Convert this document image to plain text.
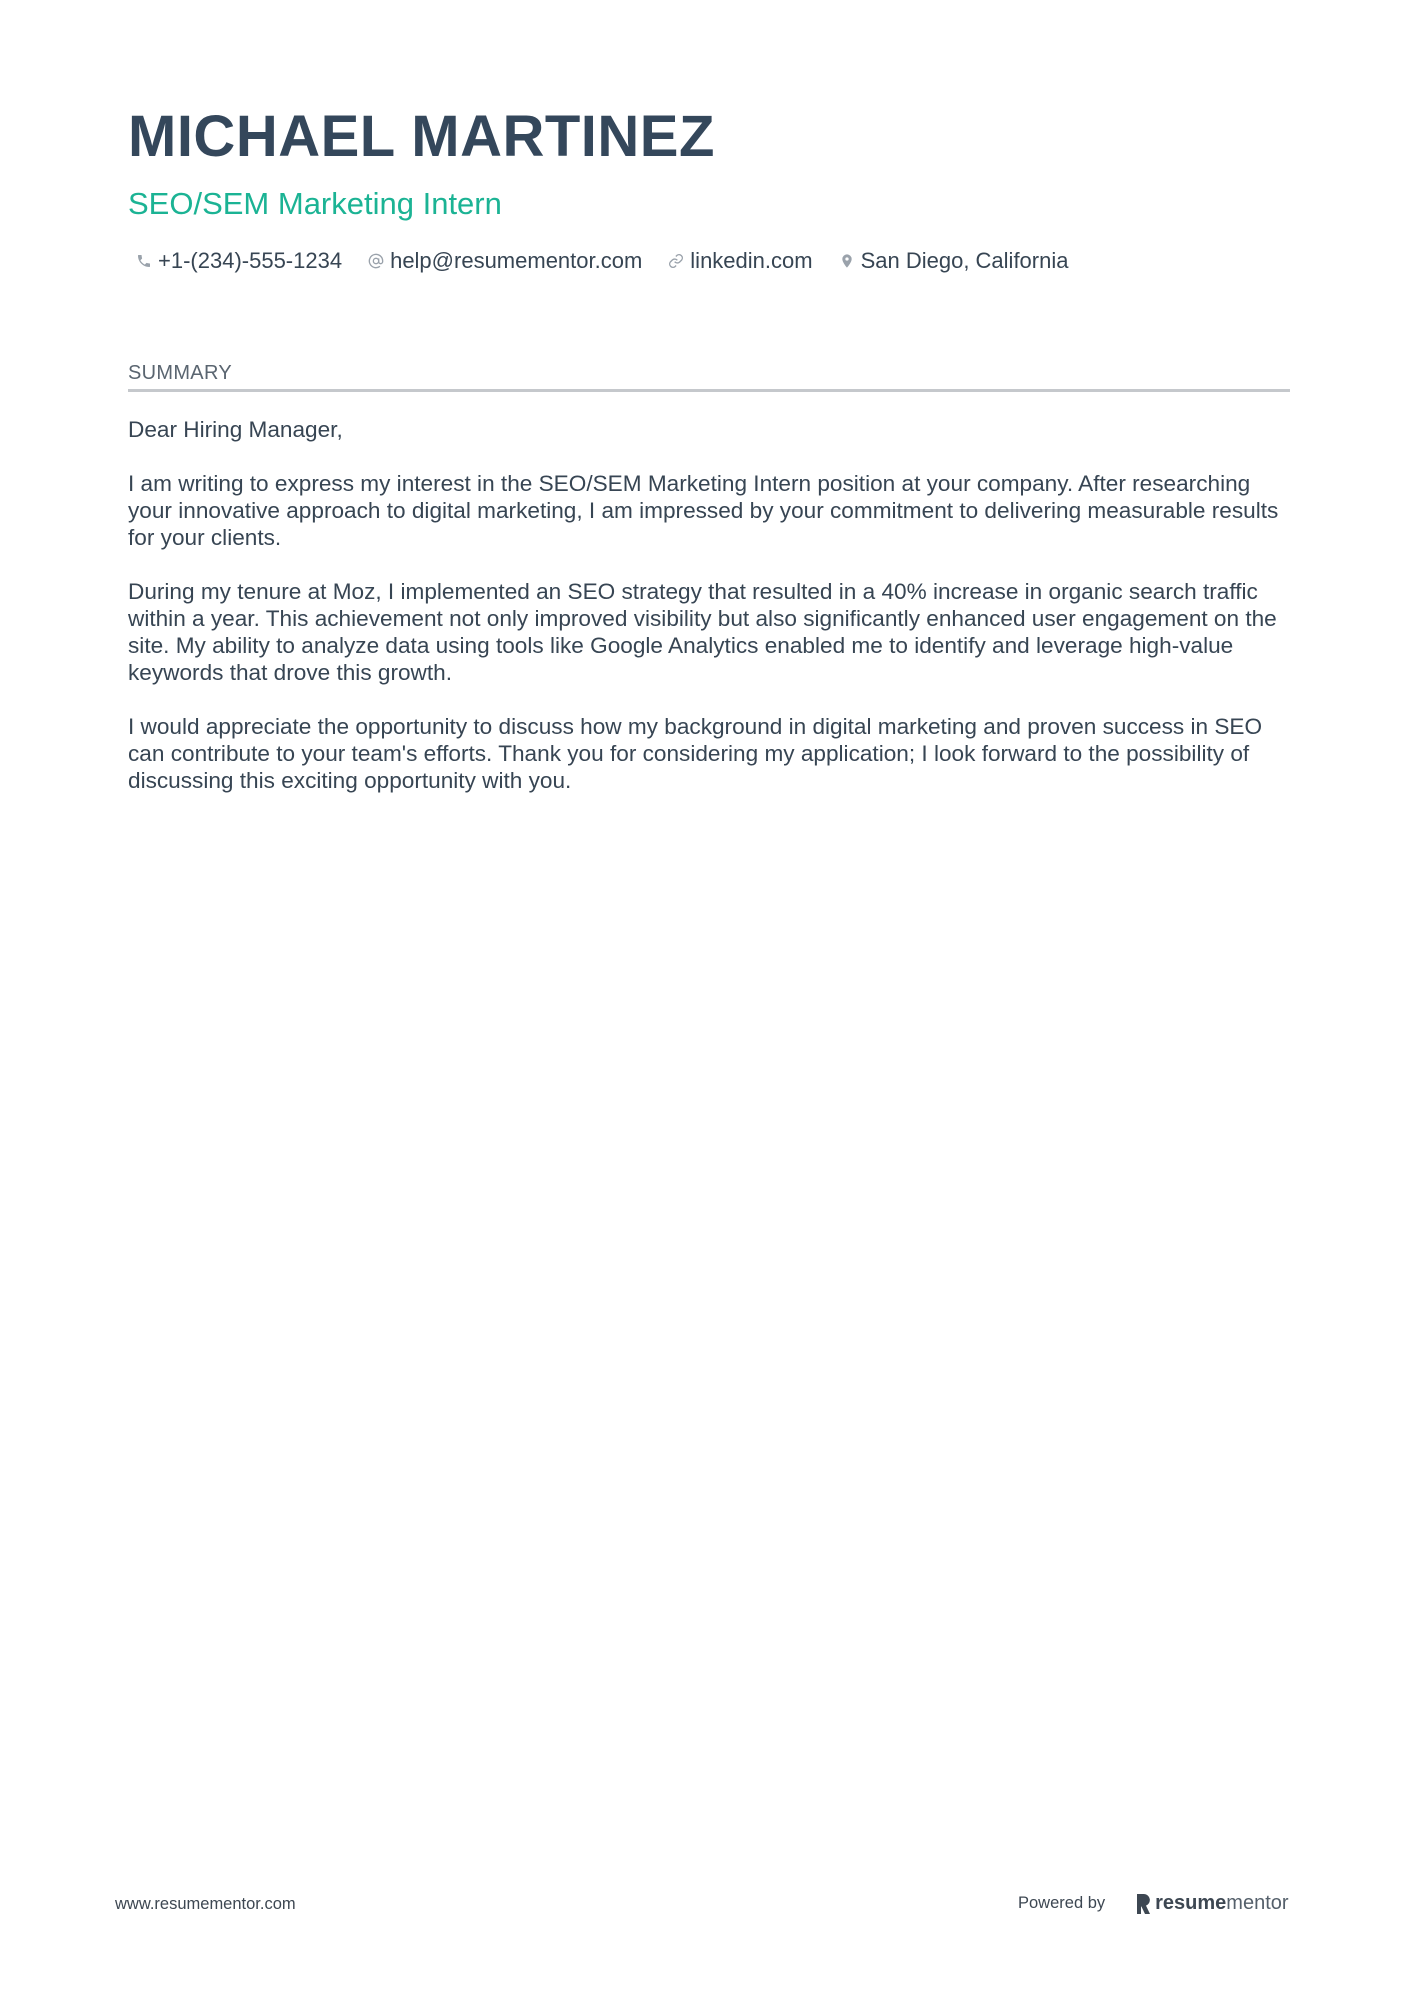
MICHAEL MARTINEZ
SEO/SEM Marketing Intern
+1-(234)-555-1234 help@resumementor.com linkedin.com San Diego, California
SUMMARY

Dear Hiring Manager,

I am writing to express my interest in the SEO/SEM Marketing Intern position at your company. After researching your innovative approach to digital marketing, I am impressed by your commitment to delivering measurable results for your clients.

During my tenure at Moz, I implemented an SEO strategy that resulted in a 40% increase in organic search traffic within a year. This achievement not only improved visibility but also significantly enhanced user engagement on the site. My ability to analyze data using tools like Google Analytics enabled me to identify and leverage high-value keywords that drove this growth.

I would appreciate the opportunity to discuss how my background in digital marketing and proven success in SEO can contribute to your team's efforts. Thank you for considering my application; I look forward to the possibility of discussing this exciting opportunity with you.

www.resumementor.com	Powered by	resumementor
